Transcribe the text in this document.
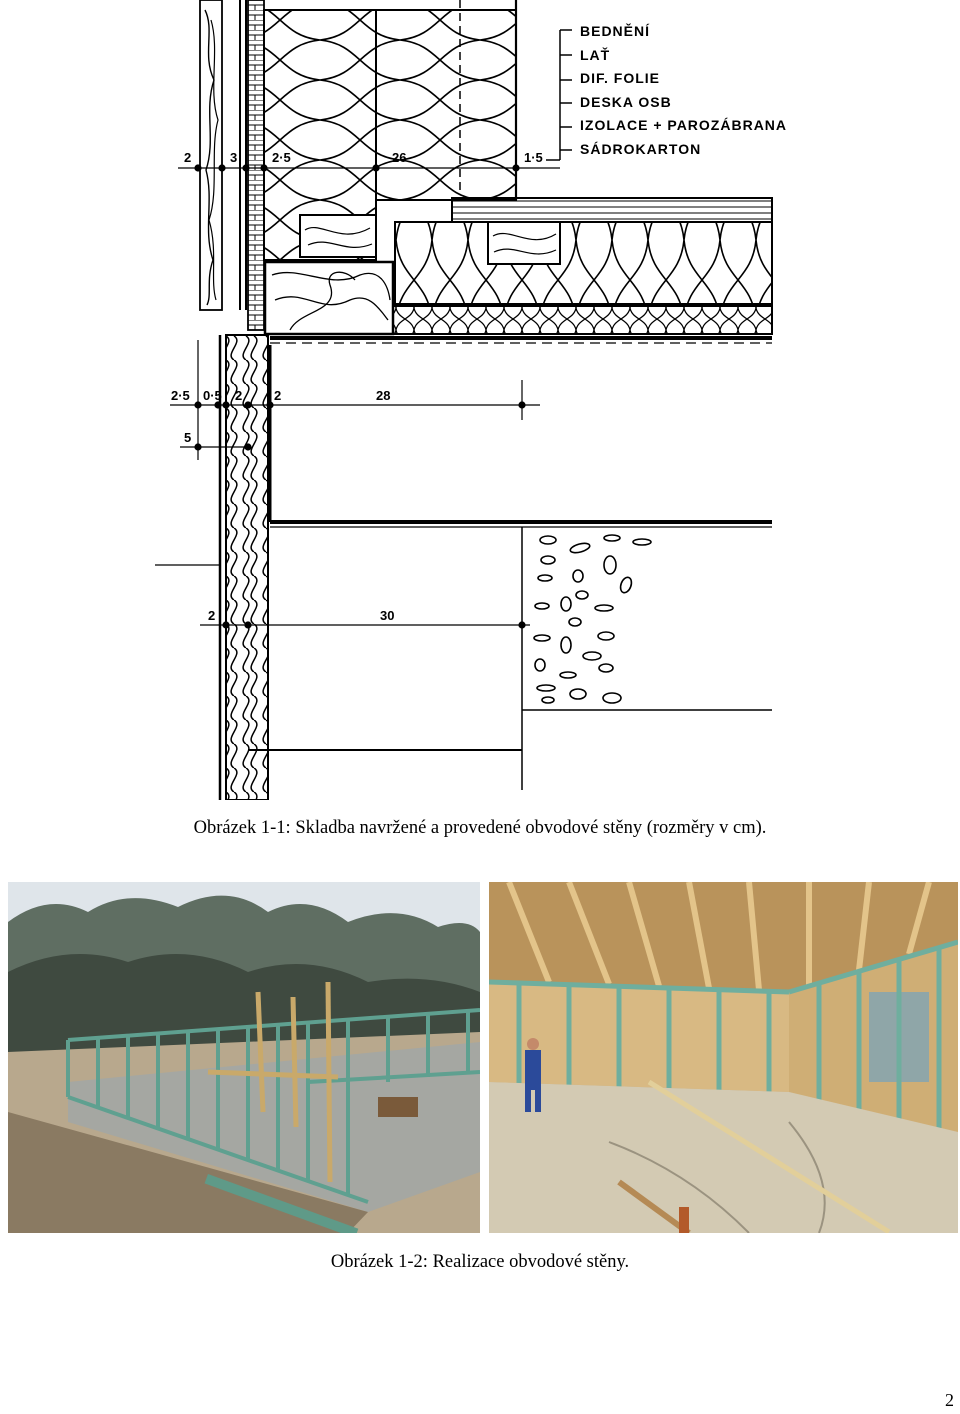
BEDNĚNÍ
LAŤ
DIF. FOLIE
DESKA OSB
IZOLACE + PAROZÁBRANA
SÁDROKARTON
2	3	2·5	26	1·5
2·5 0·5 2 2	28
5
2	30
Obrázek 1-1: Skladba navržené a provedené obvodové stěny (rozměry v cm).
Obrázek 1-2: Realizace obvodové stěny.
2
